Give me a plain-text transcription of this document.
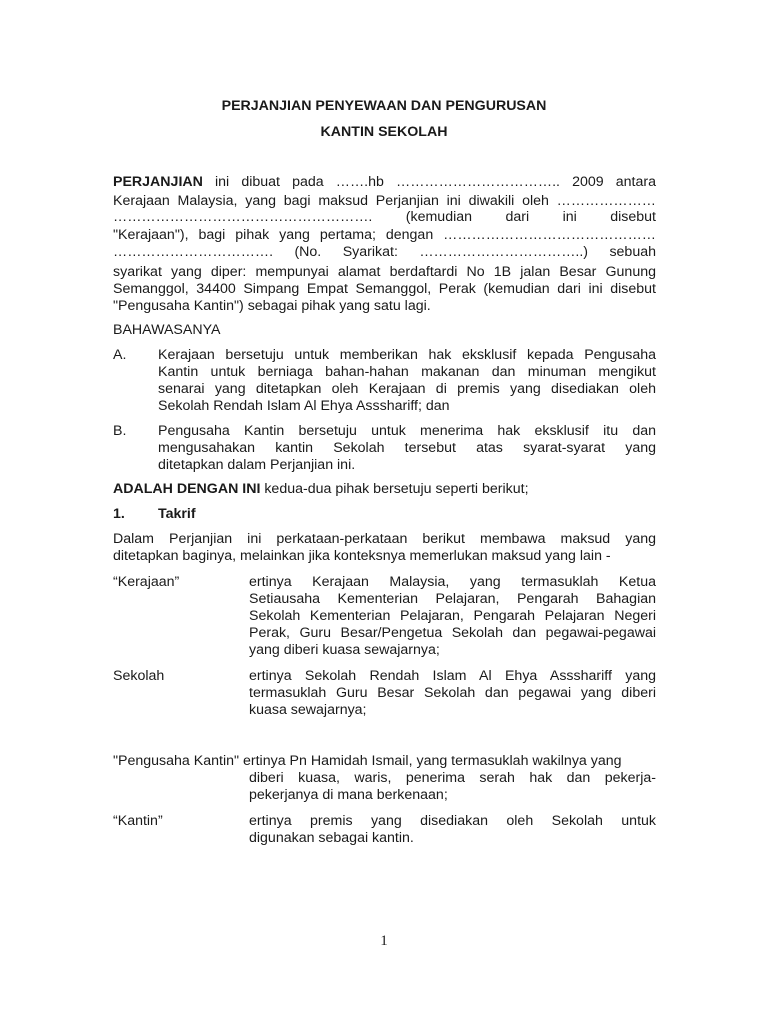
PERJANJIAN PENYEWAAN DAN PENGURUSAN
KANTIN SEKOLAH
PERJANJIAN ini dibuat pada …….hb …………………………….. 2009 antara
Kerajaan Malaysia, yang bagi maksud Perjanjian ini diwakili oleh …………………
………………………………………………. (kemudian dari ini disebut
"Kerajaan"), bagi pihak yang pertama; dengan ………………………………………
……………………………. (No. Syarikat: ……………………………..) sebuah
syarikat yang diper: mempunyai alamat berdaftardi No 1B jalan Besar Gunung
Semanggol, 34400 Simpang Empat Semanggol, Perak (kemudian dari ini disebut
"Pengusaha Kantin") sebagai pihak yang satu lagi.
BAHAWASANYA
A. Kerajaan bersetuju untuk memberikan hak eksklusif kepada Pengusaha
Kantin untuk berniaga bahan-hahan makanan dan minuman mengikut
senarai yang ditetapkan oleh Kerajaan di premis yang disediakan oleh
Sekolah Rendah Islam Al Ehya Assshariff; dan
B. Pengusaha Kantin bersetuju untuk menerima hak eksklusif itu dan
mengusahakan kantin Sekolah tersebut atas syarat-syarat yang
ditetapkan dalam Perjanjian ini.
ADALAH DENGAN INI kedua-dua pihak bersetuju seperti berikut;
1. Takrif
Dalam Perjanjian ini perkataan-perkataan berikut membawa maksud yang
ditetapkan baginya, melainkan jika konteksnya memerlukan maksud yang lain -
“Kerajaan”	ertinya Kerajaan Malaysia, yang termasuklah Ketua
Setiausaha Kementerian Pelajaran, Pengarah Bahagian
Sekolah Kementerian Pelajaran, Pengarah Pelajaran Negeri
Perak, Guru Besar/Pengetua Sekolah dan pegawai-pegawai
yang diberi kuasa sewajarnya;
Sekolah	ertinya Sekolah Rendah Islam Al Ehya Assshariff yang
termasuklah Guru Besar Sekolah dan pegawai yang diberi
kuasa sewajarnya;
"Pengusaha Kantin" ertinya Pn Hamidah Ismail, yang termasuklah wakilnya yang
diberi kuasa, waris, penerima serah hak dan pekerja-
pekerjanya di mana berkenaan;
“Kantin”	ertinya premis yang disediakan oleh Sekolah untuk
digunakan sebagai kantin.
1
